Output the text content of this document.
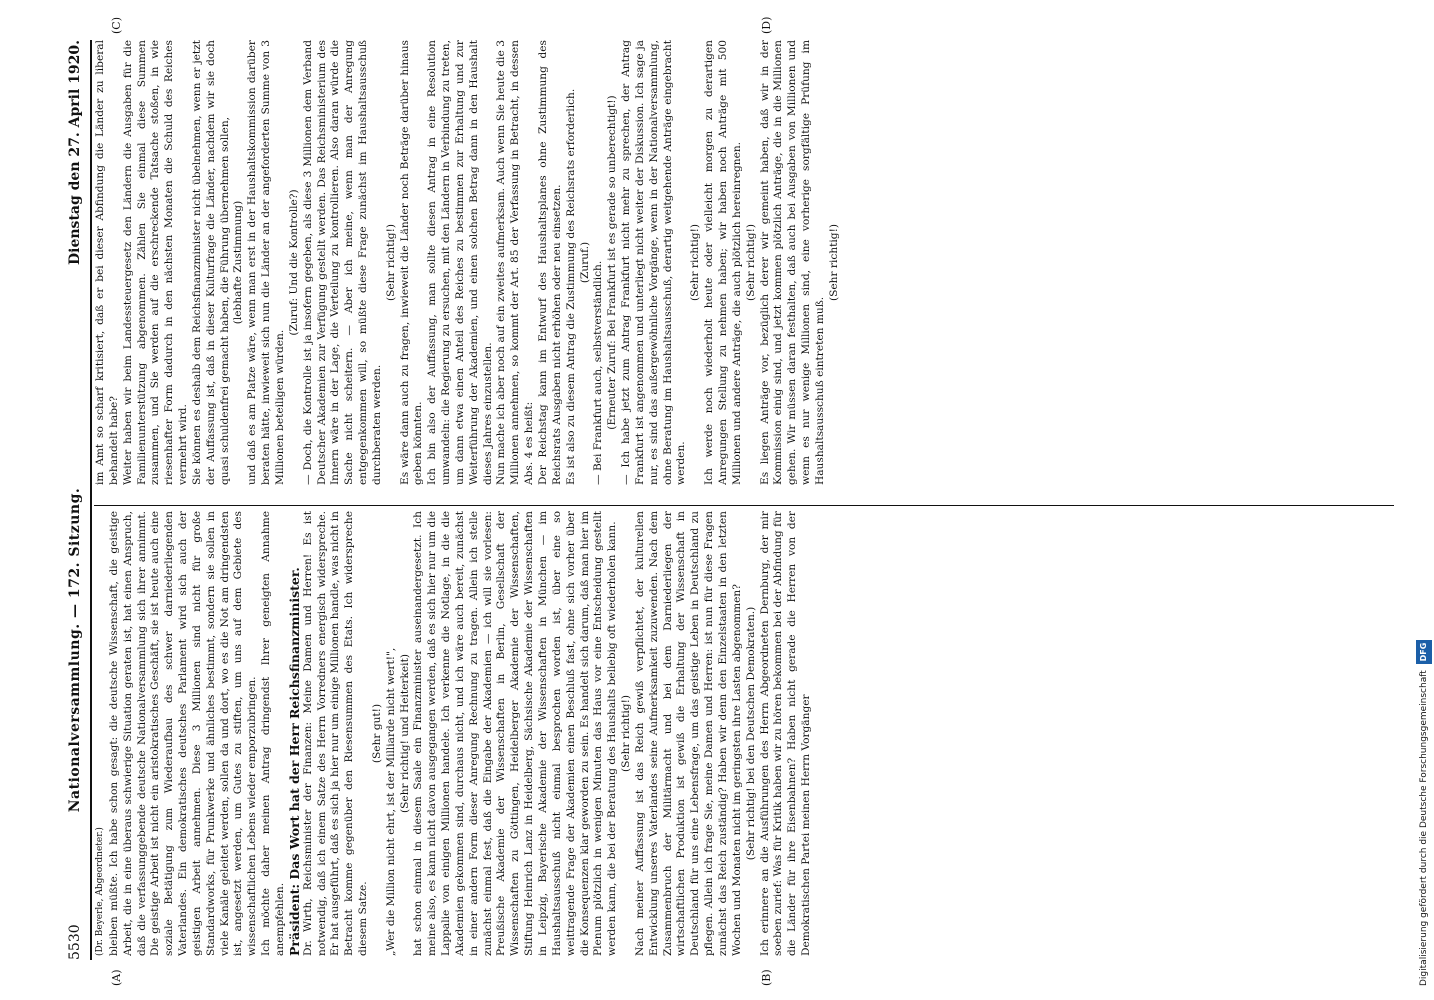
5530
Nationalversammlung. — 172. Sitzung.
Dienstag den 27. April 1920.
(A)	(B)
(C)	(D)

(Dr. Beyerle, Abgeordneter.) bleiben müßte. Ich habe schon gesagt: die deutsche Wissenschaft, die geistige Arbeit, die in eine überaus schwierige Situation geraten ist, hat einen Anspruch, daß die verfassunggebende deutsche Nationalversammlung sich ihrer annimmt. Die geistige Arbeit ist nicht ein aristokratisches Geschäft, sie ist heute auch eine soziale Betätigung zum Wiederaufbau des schwer darniederliegenden Vaterlandes. Ein demokratisches deutsches Parlament wird sich auch der geistigen Arbeit annehmen. Diese 3 Millionen sind nicht für große Standardworks, für Prunkwerke und ähnliches bestimmt, sondern sie sollen in viele Kanäle geleitet werden, sollen da und dort, wo es die Not am dringendsten ist, angesetzt werden, um Gutes zu stiften, um uns auf dem Gebiete des wissenschaftlichen Lebens wieder emporzubringen. Ich möchte daher meinen Antrag dringendst Ihrer geneigten Annahme anempfehlen. Präsident: Das Wort hat der Herr Reichsfinanzminister. Dr. Wirth, Reichsminister der Finanzen: Meine Damen und Herren! Es ist notwendig, daß ich einem Satze des Herrn Vorredners energisch widerspreche. Er hat ausgeführt, daß es sich ja hier nur um einige Millionen handle, was nicht in Betracht komme gegenüber den Riesensummen des Etats. Ich widerspreche diesem Satze.

(Sehr gut!) „Wer die Million nicht ehrt, ist der Milliarde nicht wert!", (Sehr richtig! und Heiterkeit) hat schon einmal in diesem Saale ein Finanzminister auseinandergesetzt. Ich meine also, es kann nicht davon ausgegangen werden, daß es sich hier nur um die Lappalie von einigen Millionen handele. Ich verkenne die Notlage, in die die Akademien gekommen sind, durchaus nicht, und ich wäre auch bereit, zunächst in einer andern Form dieser Anregung Rechnung zu tragen. Allein ich stelle zunächst einmal fest, daß die Eingabe der Akademien — ich will sie vorlesen: Preußische Akademie der Wissenschaften in Berlin, Gesellschaft der Wissenschaften zu Göttingen, Heidelberger Akademie der Wissenschaften, Stiftung Heinrich Lanz in Heidelberg, Sächsische Akademie der Wissenschaften in Leipzig, Bayerische Akademie der Wissenschaften in München — im Haushaltsausschuß nicht einmal besprochen worden ist, über eine so weittragende Frage der Akademien einen Beschluß fast, ohne sich vorher über die Konsequenzen klar geworden zu sein. Es handelt sich darum, daß man hier im Plenum plötzlich in wenigen Minuten das Haus vor eine Entscheidung gestellt werden kann, die bei der Beratung des Haushalts beliebig oft wiederholen kann. (Sehr richtig!) Nach meiner Auffassung ist das Reich gewiß verpflichtet, der kulturellen Entwicklung unseres Vaterlandes seine Aufmerksamkeit zuzuwenden. Nach dem Zusammenbruch der Militärmacht und bei dem Darniederliegen der wirtschaftlichen Produktion ist gewiß die Erhaltung der Wissenschaft in Deutschland für uns eine Lebensfrage, um das geistige Leben in Deutschland zu pflegen. Allein ich frage Sie, meine Damen und Herren: ist nun für diese Fragen zunächst das Reich zuständig? Haben wir denn den Einzelstaaten in den letzten Wochen und Monaten nicht im geringsten ihre Lasten abgenommen? (Sehr richtig! bei den Deutschen Demokraten.) Ich erinnere an die Ausführungen des Herrn Abgeordneten Dernburg, der mir soeben zurief: Was für Kritik haben wir zu hören bekommen bei der Abfindung für die Länder für ihre Eisenbahnen? Haben nicht gerade die Herren von der Demokratischen Partei meinen Herrn Vorgänger

im Amt so scharf kritisiert, daß er bei dieser Abfindung die Länder zu liberal behandelt habe? Weiter haben wir beim Landessteuergesetz den Ländern die Ausgaben für die Familienunterstützung abgenommen. Zählen Sie einmal diese Summen zusammen, und Sie werden auf die erschreckende Tatsache stoßen, in wie riesenhafter Form dadurch in den nächsten Monaten die Schuld des Reiches vermehrt wird. Sie können es deshalb dem Reichsfinanzminister nicht übelnehmen, wenn er jetzt der Auffassung ist, daß in dieser Kulturfrage die Länder, nachdem wir sie doch quasi schuldenfrei gemacht haben, die Führung übernehmen sollen, (lebhafte Zustimmung) und daß es am Platze wäre, wenn man erst in der Haushaltskommission darüber beraten hätte, inwieweit sich nun die Länder an der angeforderten Summe von 3 Millionen beteiligen würden.

(Zuruf: Und die Kontrolle?) — Doch, die Kontrolle ist ja insofern gegeben, als diese 3 Millionen dem Verband Deutscher Akademien zur Verfügung gestellt werden. Das Reichsministerium des Innern wäre in der Lage, die Verteilung zu kontrollieren. Also daran würde die Sache nicht scheitern. — Aber ich meine, wenn man der Anregung entgegenkommen will, so müßte diese Frage zunächst im Haushaltsausschuß durchberaten werden.

(Sehr richtig!) Es wäre dann auch zu fragen, inwieweit die Länder noch Beträge darüber hinaus geben könnten. Ich bin also der Auffassung, man sollte diesen Antrag in eine Resolution umwandeln: die Regierung zu ersuchen, mit den Ländern in Verbindung zu treten, um dann etwa einen Anteil des Reiches zu bestimmen zur Erhaltung und zur Weiterführung der Akademien, und einen solchen Betrag dann in den Haushalt dieses Jahres einzustellen. Nun mache ich aber noch auf ein zweites aufmerksam. Auch wenn Sie heute die 3 Millionen annehmen, so kommt der Art. 85 der Verfassung in Betracht, in dessen Abs. 4 es heißt: Der Reichstag kann im Entwurf des Haushaltsplanes ohne Zustimmung des Reichsrats Ausgaben nicht erhöhen oder neu einsetzen. Es ist also zu diesem Antrag die Zustimmung des Reichsrats erforderlich. (Zuruf.) — Bei Frankfurt auch, selbstverständlich. (Erneuter Zuruf: Bei Frankfurt ist es gerade so unberechtigt!) — Ich habe jetzt zum Antrag Frankfurt nicht mehr zu sprechen, der Antrag Frankfurt ist angenommen und unterliegt nicht weiter der Diskussion. Ich sage ja nur, es sind das außergewöhnliche Vorgänge, wenn in der Nationalversammlung, ohne Beratung im Haushaltsausschuß, derartig weitgehende Anträge eingebracht werden.

(Sehr richtig!) Ich werde noch wiederholt heute oder vielleicht morgen zu derartigen Anregungen Stellung zu nehmen haben; wir haben noch Anträge mit 500 Millionen und andere Anträge, die auch plötzlich hereinregnen. (Sehr richtig!) Es liegen Anträge vor, bezüglich derer wir gemeint haben, daß wir in der Kommission einig sind, und jetzt kommen plötzlich Anträge, die in die Millionen gehen. Wir müssen daran festhalten, daß auch bei Ausgaben von Millionen und wenn es nur wenige Millionen sind, eine vorherige sorgfältige Prüfung im Haushaltsausschuß eintreten muß.

(Sehr richtig!)

Digitalisierung gefördert durch die Deutsche Forschungsgemeinschaft DFG
